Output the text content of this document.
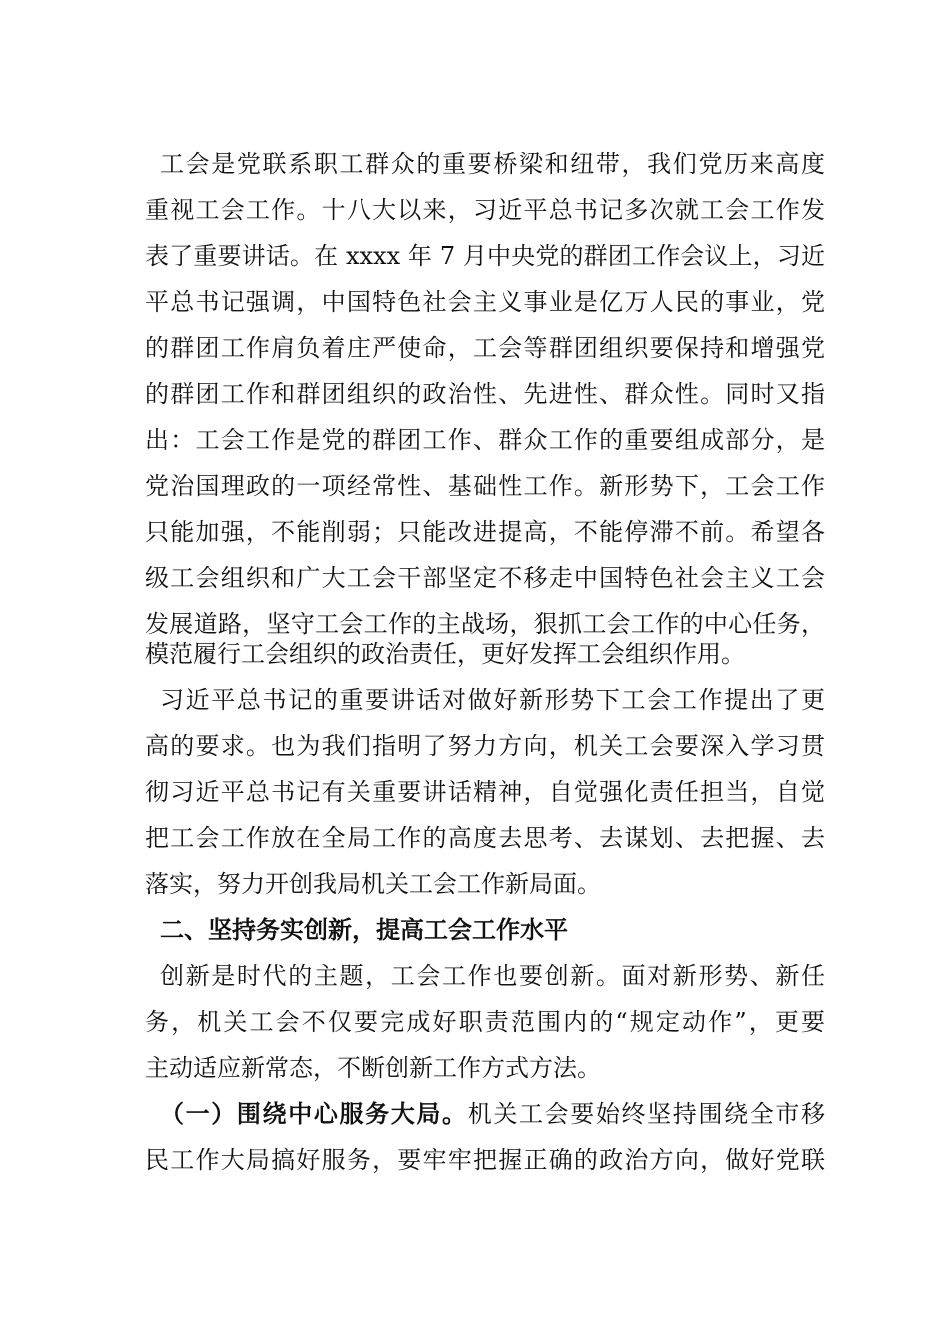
工会是党联系职工群众的重要桥梁和纽带，我们党历来高度
重视工会工作。十八大以来，习近平总书记多次就工会工作发
表了重要讲话。在 xxxx 年 7 月中央党的群团工作会议上，习近
平总书记强调，中国特色社会主义事业是亿万人民的事业，党
的群团工作肩负着庄严使命，工会等群团组织要保持和增强党
的群团工作和群团组织的政治性、先进性、群众性。同时又指
出：工会工作是党的群团工作、群众工作的重要组成部分，是
党治国理政的一项经常性、基础性工作。新形势下，工会工作
只能加强，不能削弱；只能改进提高，不能停滞不前。希望各
级工会组织和广大工会干部坚定不移走中国特色社会主义工会
发展道路，坚守工会工作的主战场，狠抓工会工作的中心任务，
模范履行工会组织的政治责任，更好发挥工会组织作用。
习近平总书记的重要讲话对做好新形势下工会工作提出了更
高的要求。也为我们指明了努力方向，机关工会要深入学习贯
彻习近平总书记有关重要讲话精神，自觉强化责任担当，自觉
把工会工作放在全局工作的高度去思考、去谋划、去把握、去
落实，努力开创我局机关工会工作新局面。
二、坚持务实创新，提高工会工作水平
创新是时代的主题，工会工作也要创新。面对新形势、新任
务，机关工会不仅要完成好职责范围内的“规定动作”，更要
主动适应新常态，不断创新工作方式方法。
（一）围绕中心服务大局。机关工会要始终坚持围绕全市移
民工作大局搞好服务，要牢牢把握正确的政治方向，做好党联
